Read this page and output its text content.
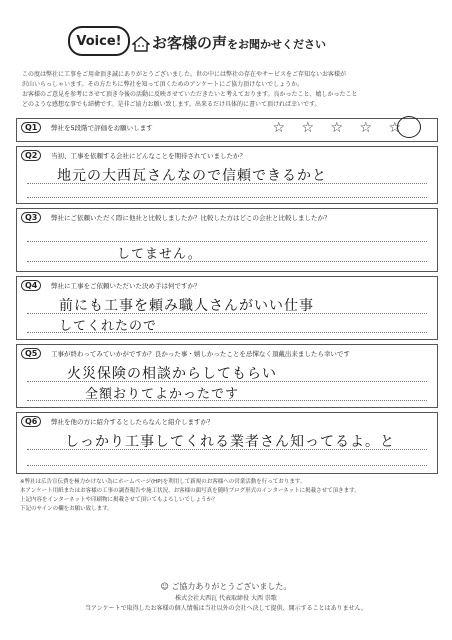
Voice!	お客様の声をお聞かせください

この度は弊社に工事をご用命頂き誠にありがとうございました。世の中には弊社の存在やサービスをご存知ないお客様が

沢山いらっしゃいます。その方たちに弊社を知って頂くためのアンケートにご協力頂けないでしょうか。

お客様のご意見を参考にさせて頂き今後の活動に反映させていただきたいと考えております。良かったこと、嬉しかったこと

どのような感想な事でも結構です。是非ご協力お願い致します。出来るだけ具体的に書いて頂ければ幸いです。

Q1	弊社を5段階で評価をお願いします	☆ ☆ ☆ ☆ ☆
Q2	当初、工事を依頼する会社にどんなことを期待されていましたか？
地元の大西瓦さんなので信頼できるかと
Q3	弊社にご依頼いただく際に他社と比較しましたか？比較した方はどこの会社と比較しましたか？
してません。
Q4	弊社に工事をご依頼いただいた決め手は何ですか？
前にも工事を頼み職人さんがいい仕事
してくれたので
Q5	工事が終わってみていかがですか？良かった事・嬉しかったことを忌憚なく頂戴出来ましたら幸いです
火災保険の相談からしてもらい
全額おりてよかったです
Q6	弊社を他の方に紹介するとしたらなんと紹介しますか？
しっかり工事してくれる業者さん知ってるよ。と

※弊社は広告宣伝費を極力かけない為にホームページ(HP)を利用して新規のお客様への営業活動を行っております。

本アンケート用紙またはお客様の工事の調査報告や施工状況、お客様の顔写真を随時ブログ形式のインターネットに掲載させて頂きます。

上記内容をインターネットや印刷物に掲載させて頂いてもよろしいでしょうか？

下記のサインの欄をお願い致します。

☺ ご協力ありがとうございました。
株式会社大西瓦 代表取締役 大西 崇歌
当アンケートで取得したお客様の個人情報は当社以外の会社へ決して提供、開示することはありません。
